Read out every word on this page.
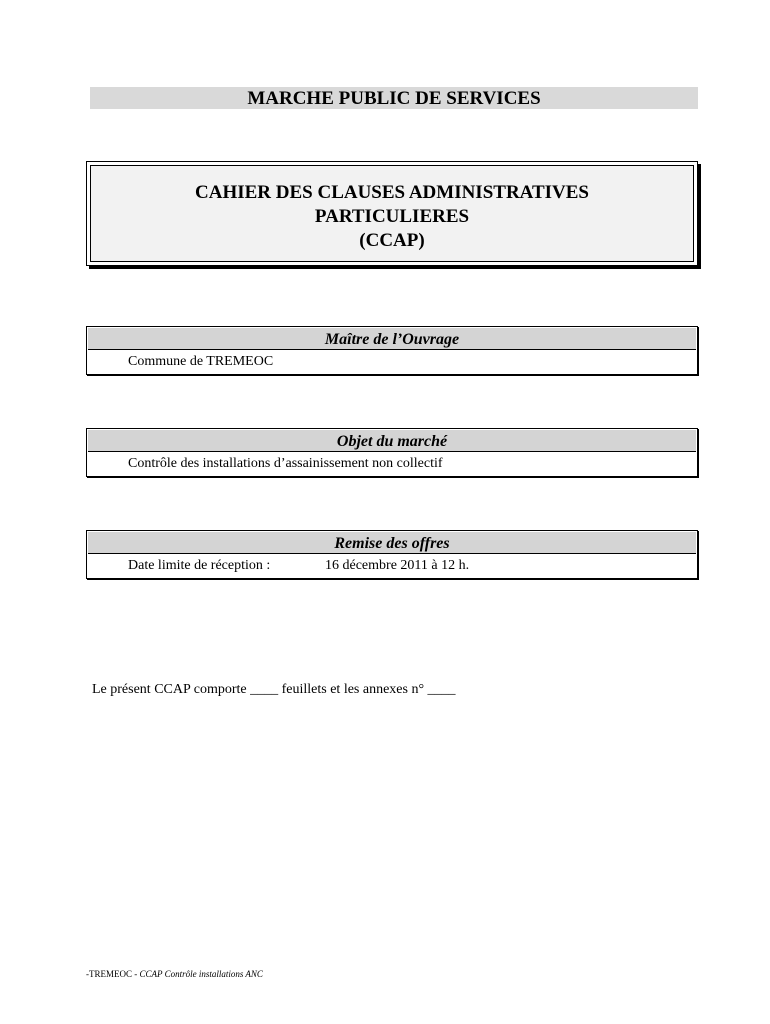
MARCHE PUBLIC DE SERVICES
CAHIER DES CLAUSES ADMINISTRATIVES
PARTICULIERES
(CCAP)
Maître de l’Ouvrage
Commune de TREMEOC
Objet du marché
Contrôle des installations d’assainissement non collectif
Remise des offres
Date limite de réception :	16 décembre 2011 à 12 h.
Le présent CCAP comporte ____ feuillets et les annexes n° ____
-TREMEOC - CCAP Contrôle installations ANC
